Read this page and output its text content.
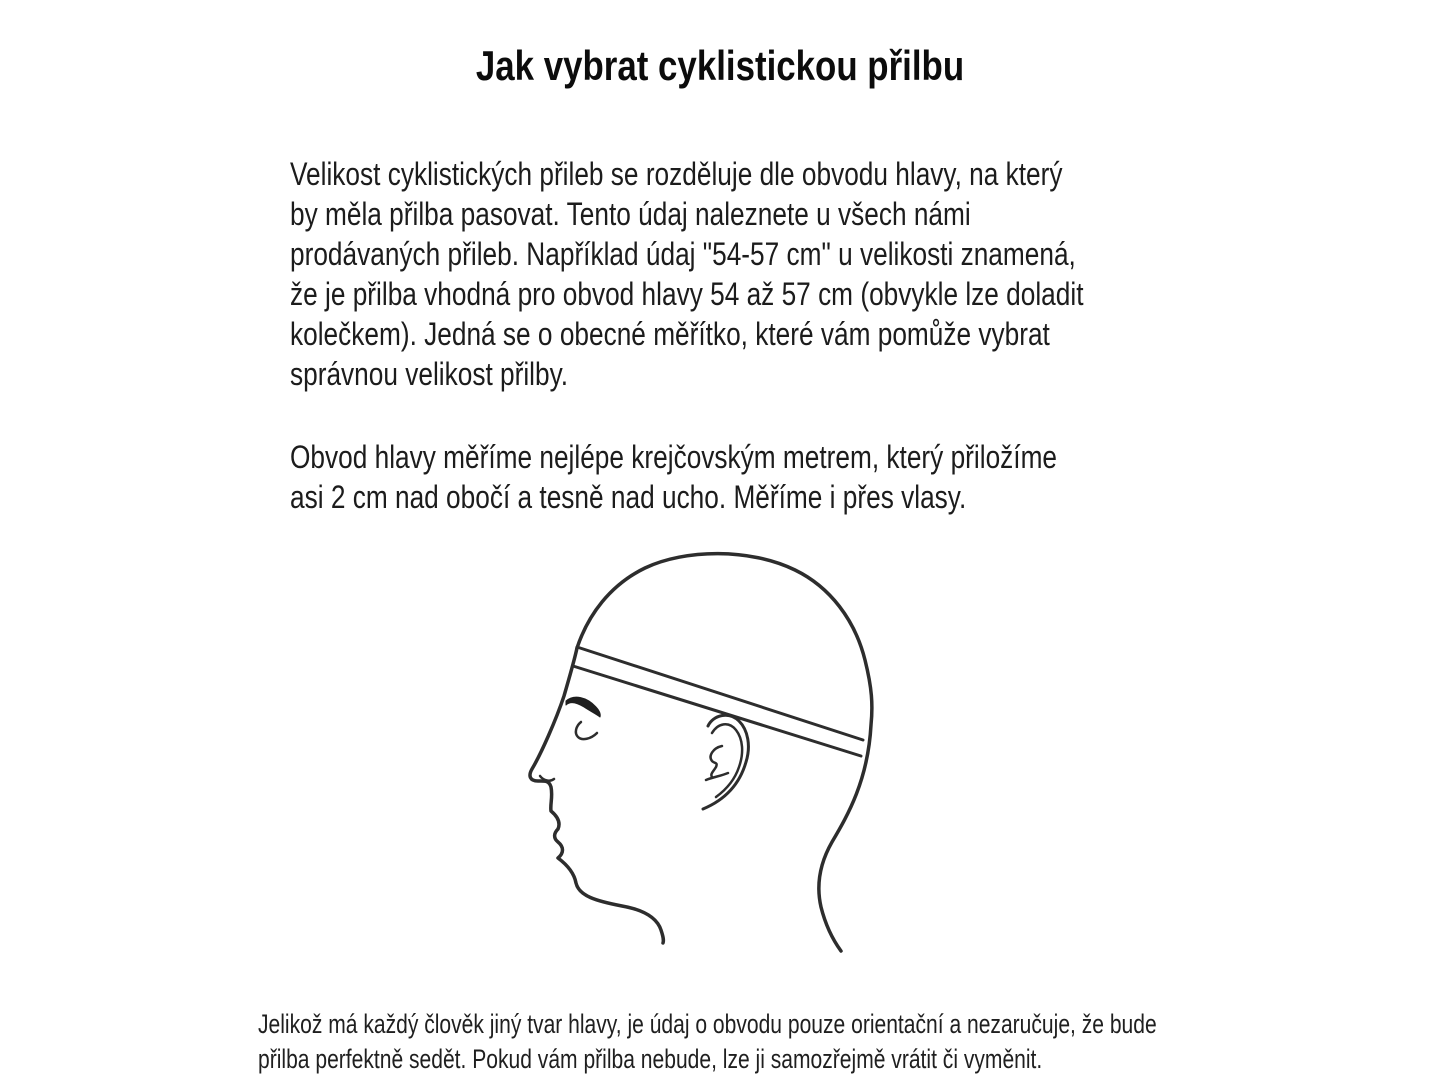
Jak vybrat cyklistickou přilbu
Velikost cyklistických přileb se rozděluje dle obvodu hlavy, na který
by měla přilba pasovat. Tento údaj naleznete u všech námi
prodávaných přileb. Například údaj "54-57 cm" u velikosti znamená,
že je přilba vhodná pro obvod hlavy 54 až 57 cm (obvykle lze doladit
kolečkem). Jedná se o obecné měřítko, které vám pomůže vybrat
správnou velikost přilby.
Obvod hlavy měříme nejlépe krejčovským metrem, který přiložíme
asi 2 cm nad obočí a tesně nad ucho. Měříme i přes vlasy.
Jelikož má každý člověk jiný tvar hlavy, je údaj o obvodu pouze orientační a nezaručuje, že bude
přilba perfektně sedět. Pokud vám přilba nebude, lze ji samozřejmě vrátit či vyměnit.
